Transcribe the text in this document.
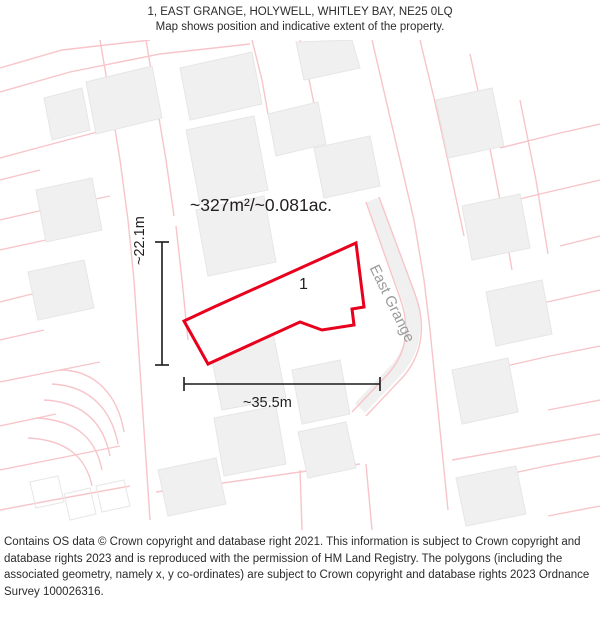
1, EAST GRANGE, HOLYWELL, WHITLEY BAY, NE25 0LQ
Map shows position and indicative extent of the property.
~327m²/~0.081ac.
1
~35.5m
~22.1m
East Grange
Contains OS data © Crown copyright and database right 2021. This information is subject to Crown copyright and database rights 2023 and is reproduced with the permission of HM Land Registry. The polygons (including the associated geometry, namely x, y co-ordinates) are subject to Crown copyright and database rights 2023 Ordnance Survey 100026316.
